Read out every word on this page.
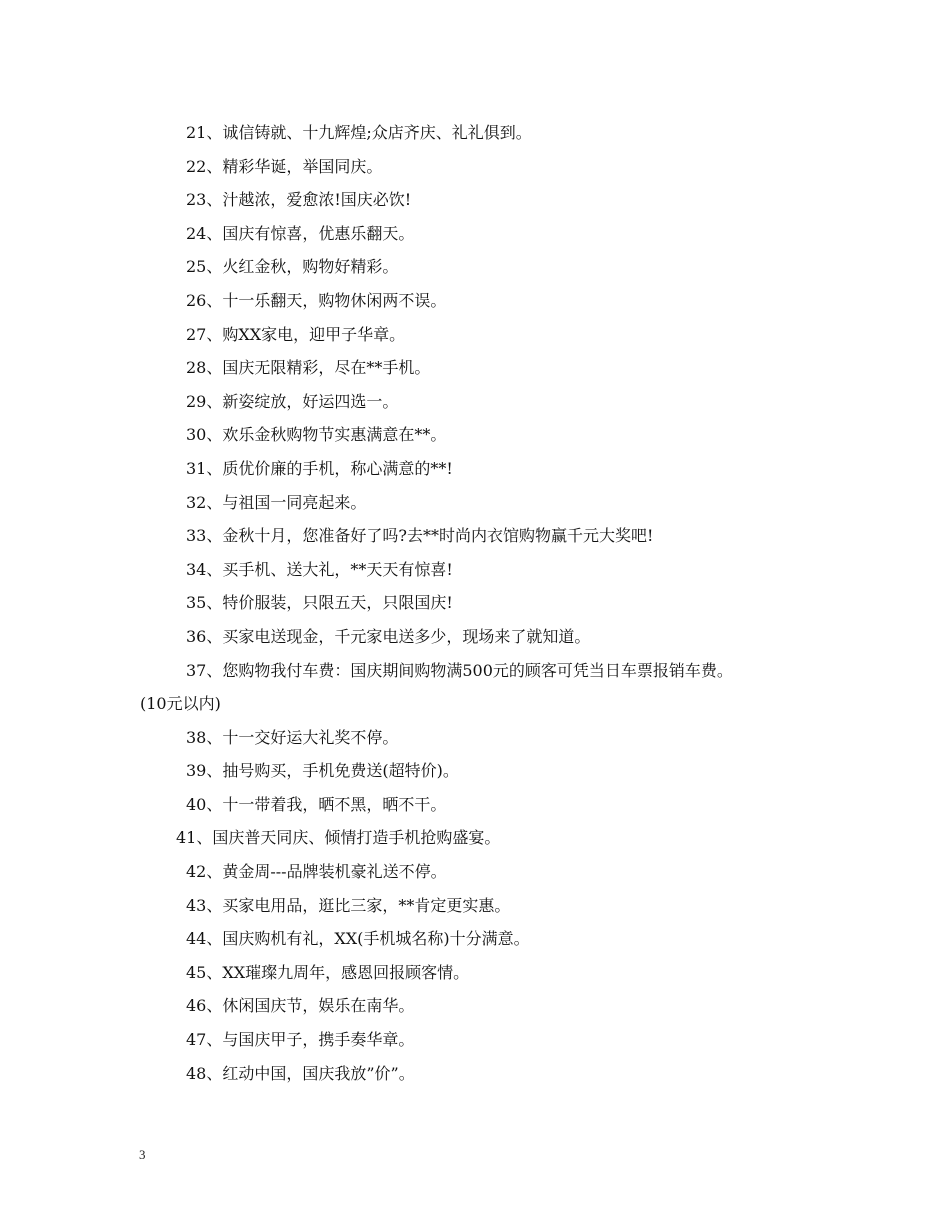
21、诚信铸就、十九辉煌;众店齐庆、礼礼俱到。
22、精彩华诞，举国同庆。
23、汁越浓，爱愈浓!国庆必饮!
24、国庆有惊喜，优惠乐翻天。
25、火红金秋，购物好精彩。
26、十一乐翻天，购物休闲两不误。
27、购XX家电，迎甲子华章。
28、国庆无限精彩，尽在**手机。
29、新姿绽放，好运四选一。
30、欢乐金秋购物节实惠满意在**。
31、质优价廉的手机，称心满意的**!
32、与祖国一同亮起来。
33、金秋十月，您准备好了吗?去**时尚内衣馆购物赢千元大奖吧!
34、买手机、送大礼，**天天有惊喜!
35、特价服装，只限五天，只限国庆!
36、买家电送现金，千元家电送多少，现场来了就知道。
37、您购物我付车费：国庆期间购物满500元的顾客可凭当日车票报销车费。
(10元以内)
38、十一交好运大礼奖不停。
39、抽号购买，手机免费送(超特价)。
40、十一带着我，晒不黑，晒不干。
41、国庆普天同庆、倾情打造手机抢购盛宴。
42、黄金周---品牌装机豪礼送不停。
43、买家电用品，逛比三家，**肯定更实惠。
44、国庆购机有礼，XX(手机城名称)十分满意。
45、XX璀璨九周年，感恩回报顾客情。
46、休闲国庆节，娱乐在南华。
47、与国庆甲子，携手奏华章。
48、红动中国，国庆我放”价”。
3
